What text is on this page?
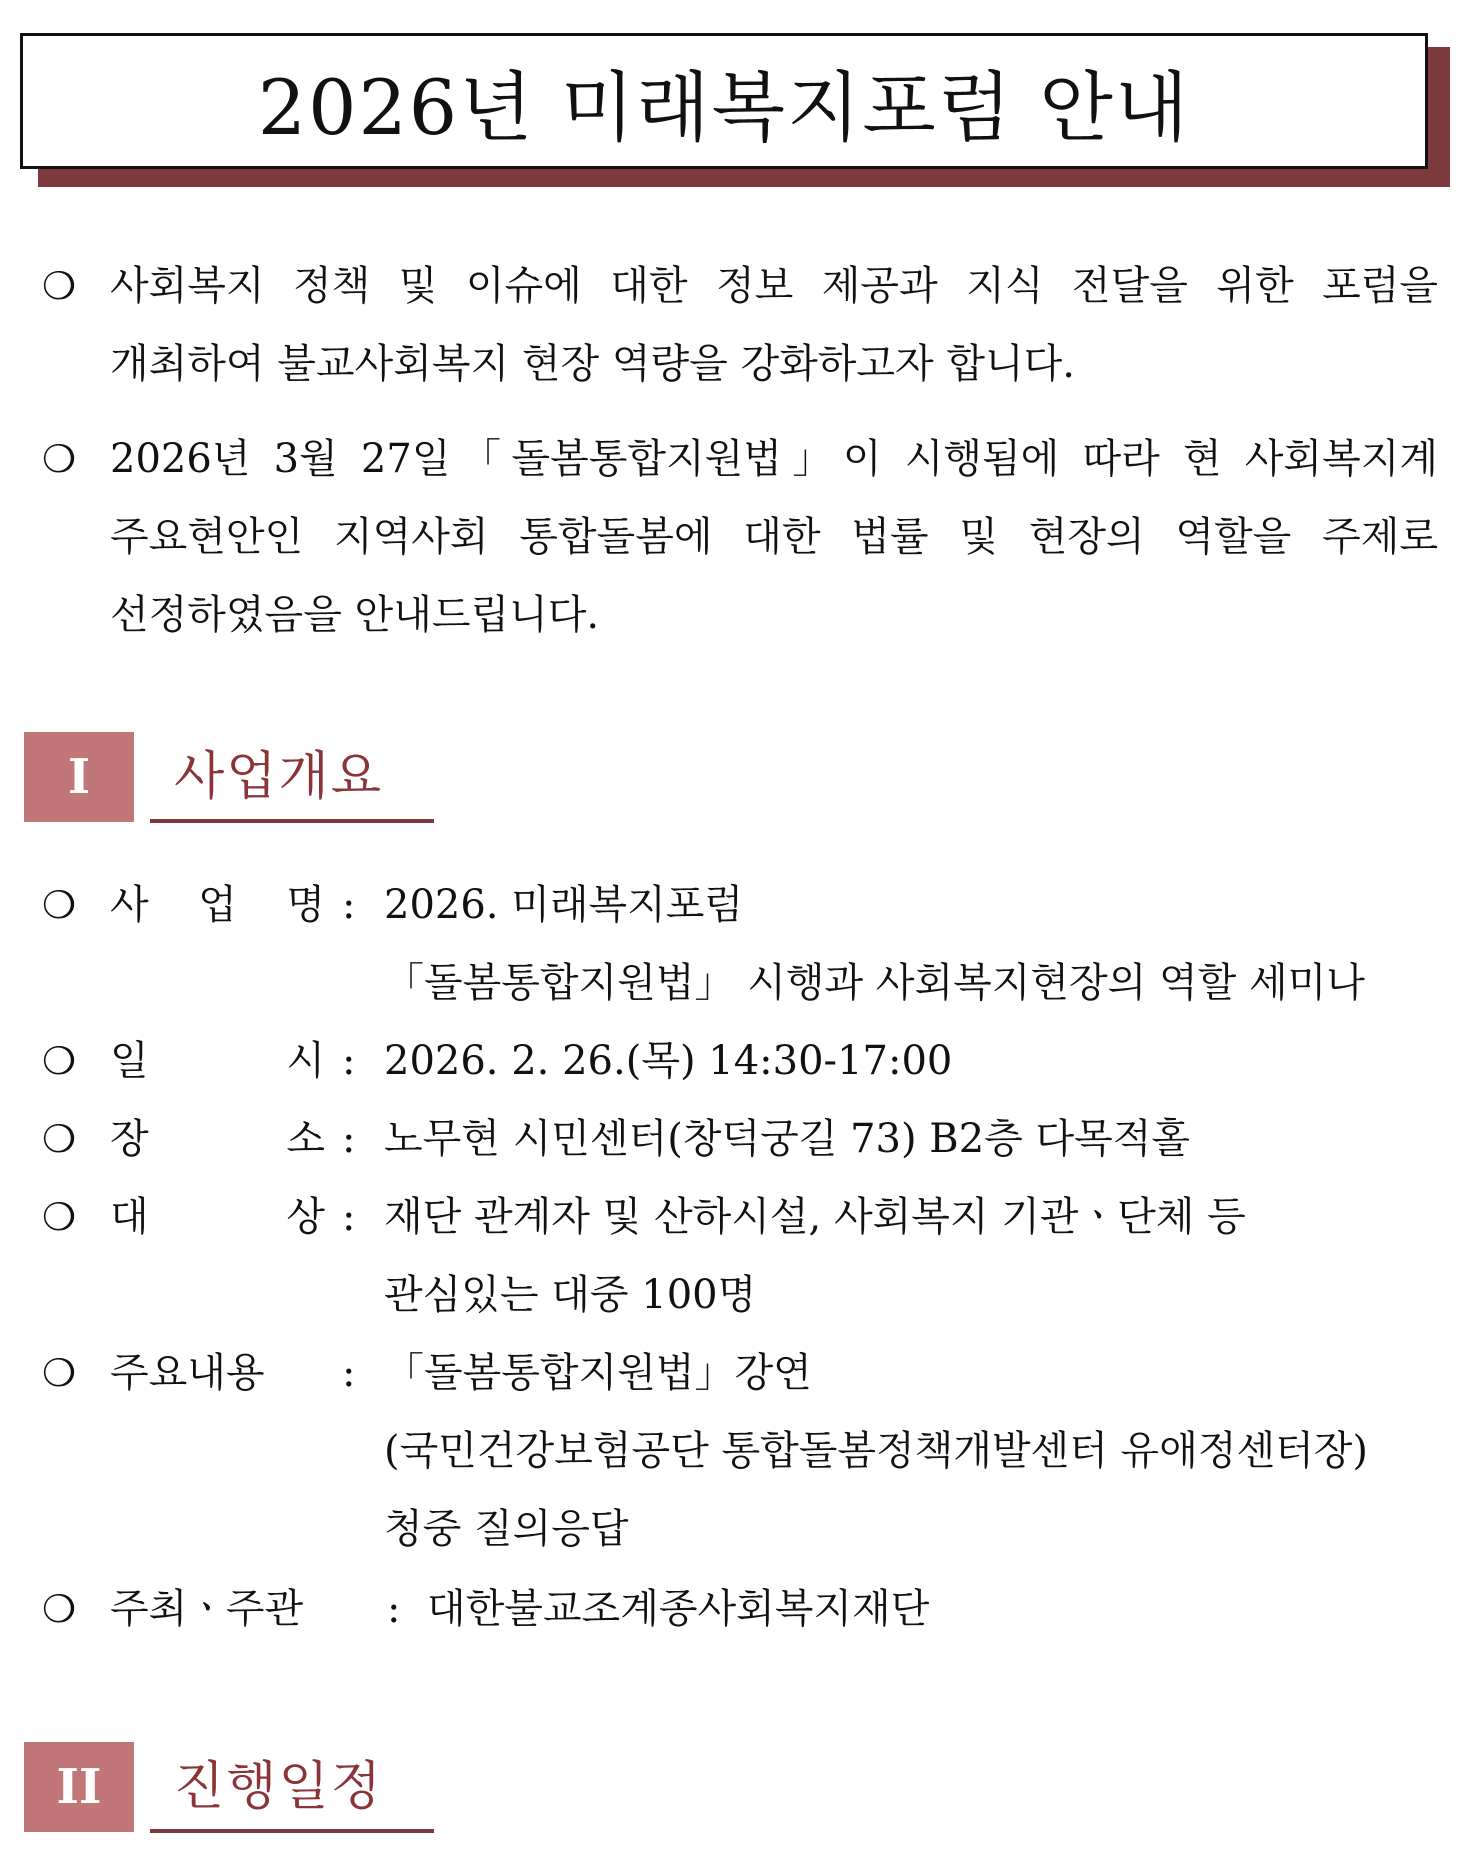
2026년 미래복지포럼 안내
❍ 사회복지 정책 및 이슈에 대한 정보 제공과 지식 전달을 위한 포럼을
개최하여 불교사회복지 현장 역량을 강화하고자 합니다.
❍ 2026년 3월 27일「돌봄통합지원법」이 시행됨에 따라 현 사회복지계
주요현안인 지역사회 통합돌봄에 대한 법률 및 현장의 역할을 주제로
선정하였음을 안내드립니다.
I	사업개요
❍ 사 업 명 : 2026. 미래복지포럼
「돌봄통합지원법」 시행과 사회복지현장의 역할 세미나
❍ 일	시 : 2026. 2. 26.(목) 14:30-17:00
❍ 장	소 : 노무현 시민센터(창덕궁길 73) B2층 다목적홀
❍ 대	상 : 재단 관계자 및 산하시설, 사회복지 기관ㆍ단체 등
관심있는 대중 100명
❍ 주요내용 : 「돌봄통합지원법」강연
(국민건강보험공단 통합돌봄정책개발센터 유애정센터장)
청중 질의응답
❍ 주최ㆍ주관 : 대한불교조계종사회복지재단
II	진행일정
